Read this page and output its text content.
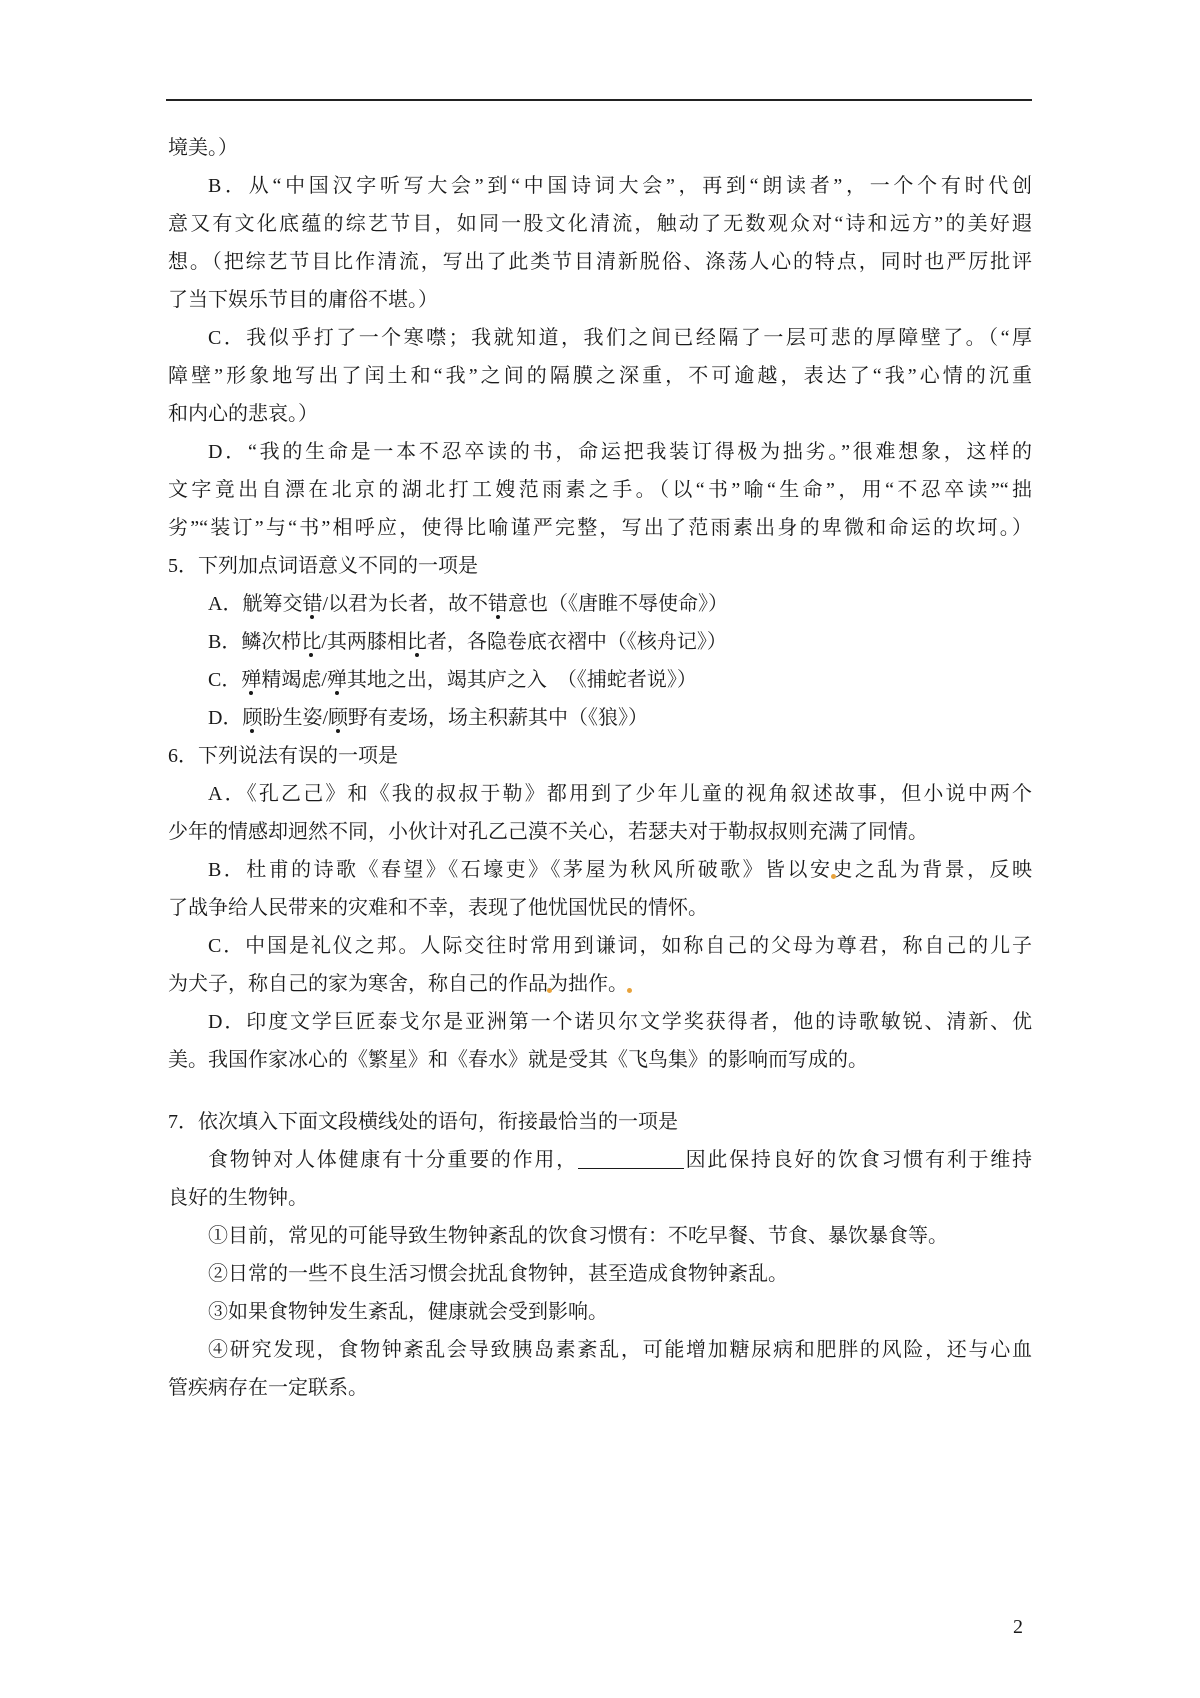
境美。）
B．从“中国汉字听写大会”到“中国诗词大会”，再到“朗读者”，一个个有时代创
意又有文化底蕴的综艺节目，如同一股文化清流，触动了无数观众对“诗和远方”的美好遐
想。（把综艺节目比作清流，写出了此类节目清新脱俗、涤荡人心的特点，同时也严厉批评
了当下娱乐节目的庸俗不堪。）
C．我似乎打了一个寒噤；我就知道，我们之间已经隔了一层可悲的厚障壁了。（“厚
障壁”形象地写出了闰土和“我”之间的隔膜之深重，不可逾越，表达了“我”心情的沉重
和内心的悲哀。）
D．“我的生命是一本不忍卒读的书，命运把我装订得极为拙劣。”很难想象，这样的
文字竟出自漂在北京的湖北打工嫂范雨素之手。（以“书”喻“生命”，用“不忍卒读”“拙
劣”“装订”与“书”相呼应，使得比喻谨严完整，写出了范雨素出身的卑微和命运的坎坷。）
5．下列加点词语意义不同的一项是
A．觥筹交错/以君为长者，故不错意也（《唐睢不辱使命》）
B．鳞次栉比/其两膝相比者，各隐卷底衣褶中（《核舟记》）
C．殚精竭虑/殚其地之出，竭其庐之入  （《捕蛇者说》）
D．顾盼生姿/顾野有麦场，场主积薪其中（《狼》）
6．下列说法有误的一项是
A．《孔乙己》和《我的叔叔于勒》都用到了少年儿童的视角叙述故事，但小说中两个
少年的情感却迥然不同，小伙计对孔乙己漠不关心，若瑟夫对于勒叔叔则充满了同情。
B．杜甫的诗歌《春望》《石壕吏》《茅屋为秋风所破歌》皆以安史之乱为背景，反映
了战争给人民带来的灾难和不幸，表现了他忧国忧民的情怀。
C．中国是礼仪之邦。人际交往时常用到谦词，如称自己的父母为尊君，称自己的儿子
为犬子，称自己的家为寒舍，称自己的作品为拙作。
D．印度文学巨匠泰戈尔是亚洲第一个诺贝尔文学奖获得者，他的诗歌敏锐、清新、优
美。我国作家冰心的《繁星》和《春水》就是受其《飞鸟集》的影响而写成的。
7．依次填入下面文段横线处的语句，衔接最恰当的一项是
食物钟对人体健康有十分重要的作用，	因此保持良好的饮食习惯有利于维持
良好的生物钟。
①目前，常见的可能导致生物钟紊乱的饮食习惯有：不吃早餐、节食、暴饮暴食等。
②日常的一些不良生活习惯会扰乱食物钟，甚至造成食物钟紊乱。
③如果食物钟发生紊乱，健康就会受到影响。
④研究发现，食物钟紊乱会导致胰岛素紊乱，可能增加糖尿病和肥胖的风险，还与心血
管疾病存在一定联系。
2
